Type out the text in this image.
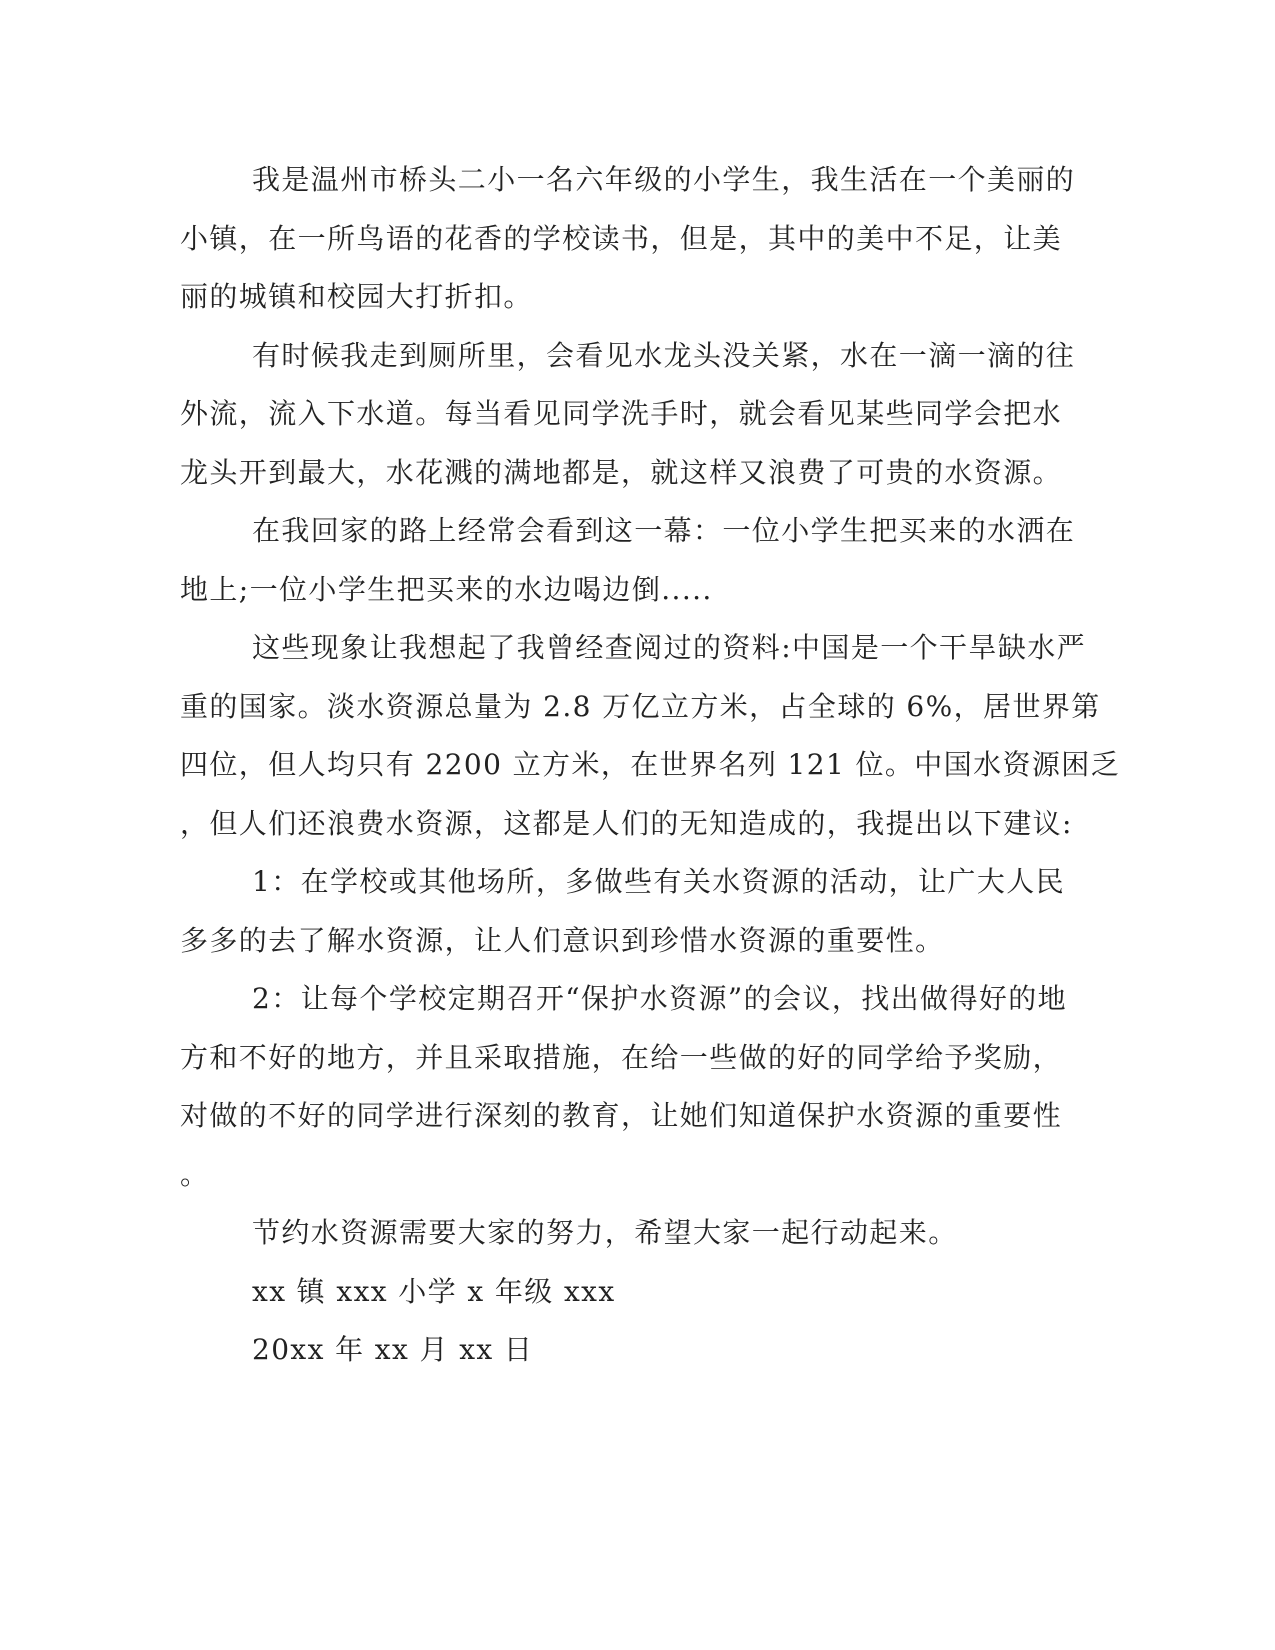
我是温州市桥头二小一名六年级的小学生，我生活在一个美丽的
小镇，在一所鸟语的花香的学校读书，但是，其中的美中不足，让美
丽的城镇和校园大打折扣。
有时候我走到厕所里，会看见水龙头没关紧，水在一滴一滴的往
外流，流入下水道。每当看见同学洗手时，就会看见某些同学会把水
龙头开到最大，水花溅的满地都是，就这样又浪费了可贵的水资源。
在我回家的路上经常会看到这一幕：一位小学生把买来的水洒在
地上;一位小学生把买来的水边喝边倒.....
这些现象让我想起了我曾经查阅过的资料:中国是一个干旱缺水严
重的国家。淡水资源总量为 2.8 万亿立方米，占全球的 6%，居世界第
四位，但人均只有 2200 立方米，在世界名列 121 位。中国水资源困乏
，但人们还浪费水资源，这都是人们的无知造成的，我提出以下建议:
1：在学校或其他场所，多做些有关水资源的活动，让广大人民
多多的去了解水资源，让人们意识到珍惜水资源的重要性。
2：让每个学校定期召开“保护水资源”的会议，找出做得好的地
方和不好的地方，并且采取措施，在给一些做的好的同学给予奖励，
对做的不好的同学进行深刻的教育，让她们知道保护水资源的重要性
。
节约水资源需要大家的努力，希望大家一起行动起来。
xx 镇 xxx 小学 x 年级 xxx
20xx 年 xx 月 xx 日
